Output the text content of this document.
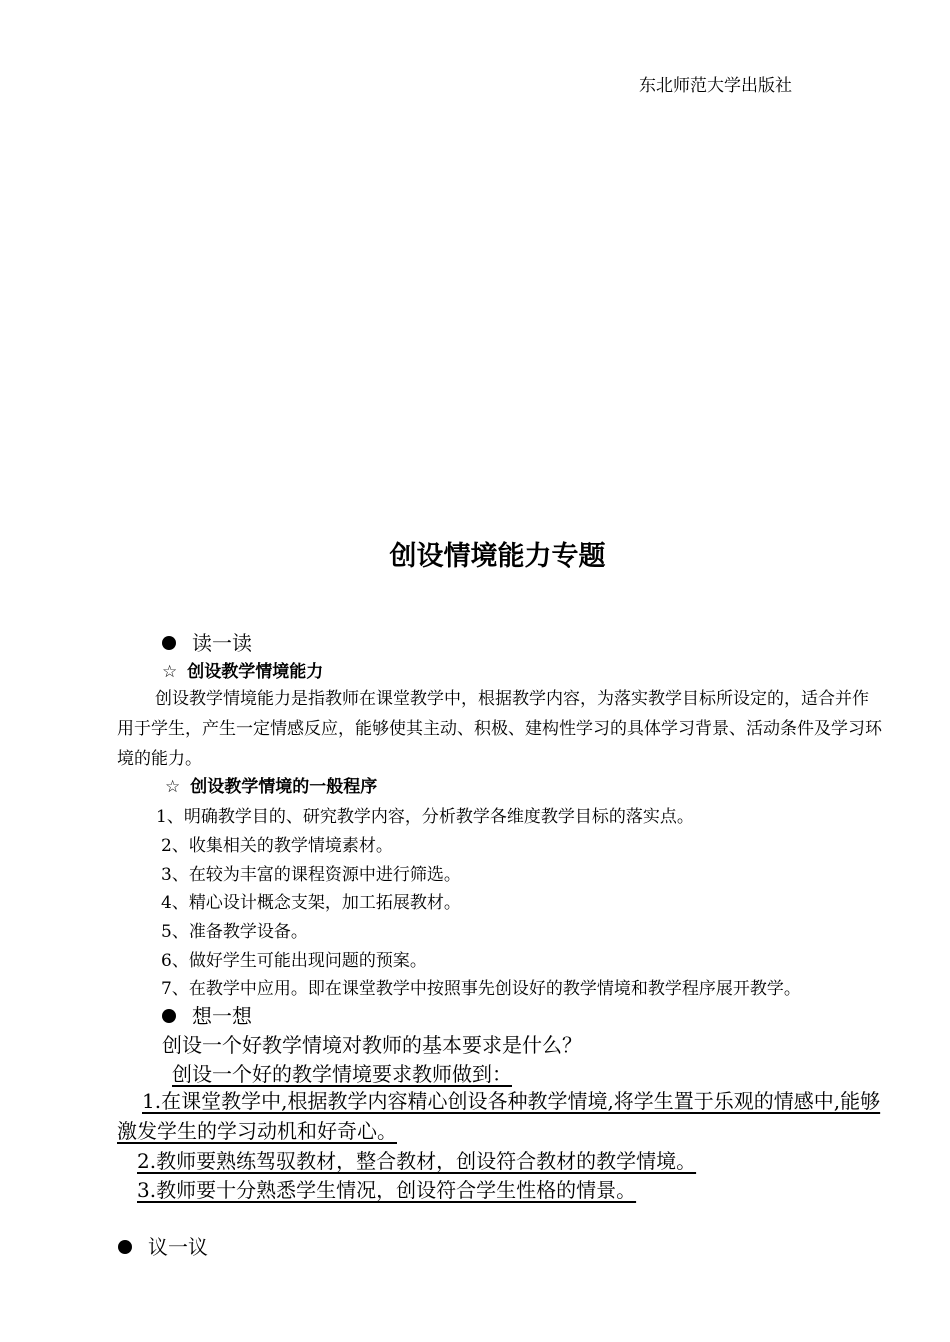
东北师范大学出版社
创设情境能力专题
读一读
☆ 创设教学情境能力
创设教学情境能力是指教师在课堂教学中，根据教学内容，为落实教学目标所设定的，适合并作用于学生，产生一定情感反应，能够使其主动、积极、建构性学习的具体学习背景、活动条件及学习环境的能力。
☆ 创设教学情境的一般程序
1、明确教学目的、研究教学内容，分析教学各维度教学目标的落实点。
2、收集相关的教学情境素材。
3、在较为丰富的课程资源中进行筛选。
4、精心设计概念支架，加工拓展教材。
5、准备教学设备。
6、做好学生可能出现问题的预案。
7、在教学中应用。即在课堂教学中按照事先创设好的教学情境和教学程序展开教学。
想一想
创设一个好教学情境对教师的基本要求是什么？
创设一个好的教学情境要求教师做到：
1.在课堂教学中,根据教学内容精心创设各种教学情境,将学生置于乐观的情感中,能够激发学生的学习动机和好奇心。
2.教师要熟练驾驭教材，整合教材，创设符合教材的教学情境。
3.教师要十分熟悉学生情况，创设符合学生性格的情景。
议一议
